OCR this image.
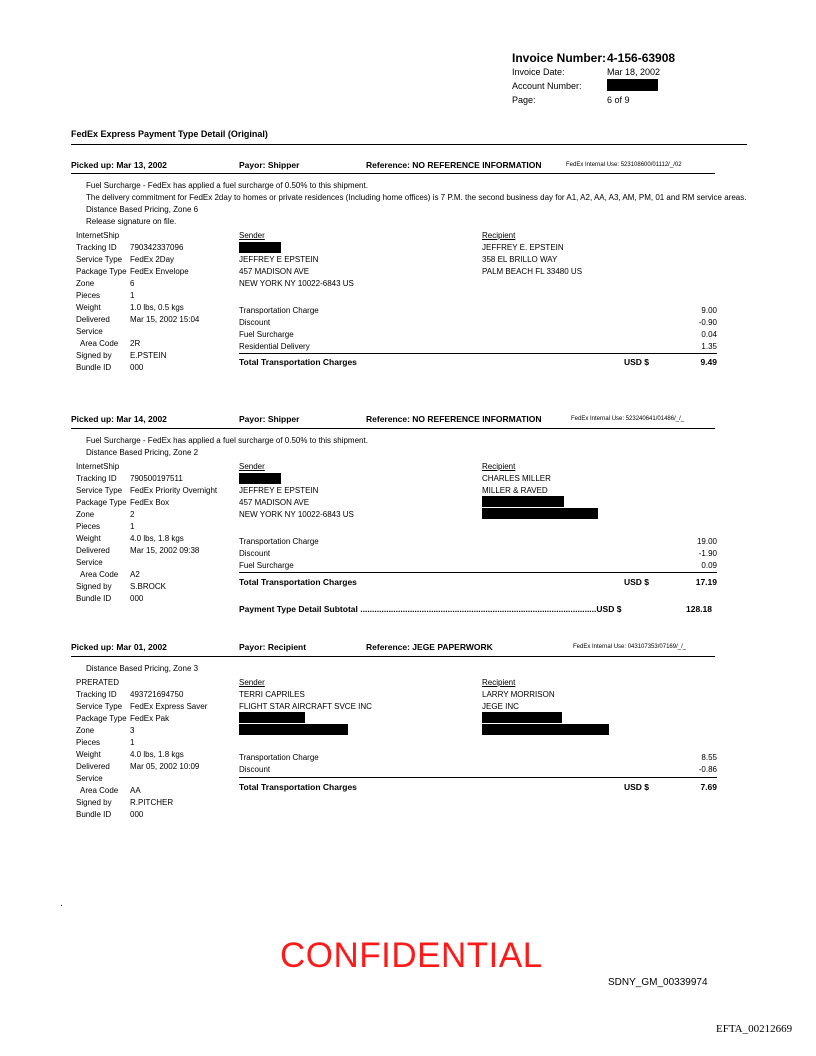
Invoice Number: 4-156-63908
Invoice Date:	Mar 18, 2002
Account Number:
Page:	6 of 9
FedEx Express Payment Type Detail (Original)
Picked up: Mar 13, 2002	Payor: Shipper	Reference: NO REFERENCE INFORMATION	FedEx Internal Use: 523108600/01112/_/02
Fuel Surcharge - FedEx has applied a fuel surcharge of 0.50% to this shipment.
The delivery commitment for FedEx 2day to homes or private residences (Including home offices) is 7 P.M. the second business day for A1, A2, AA, A3, AM, PM, 01 and RM service areas.
Distance Based Pricing, Zone 6
Release signature on file.
InternetShip
Tracking ID 790342337096
Service Type FedEx 2Day
Package Type FedEx Envelope
Zone	6
Pieces	1
Weight	1.0 lbs, 0.5 kgs
Delivered	Mar 15, 2002 15:04
Service
Area Code 2R
Signed by E.PSTEIN
Bundle ID 000
Sender
JEFFREY E EPSTEIN
457 MADISON AVE
NEW YORK NY 10022-6843 US
Recipient
JEFFREY E. EPSTEIN
358 EL BRILLO WAY
PALM BEACH FL 33480 US
Transportation Charge	9.00
Discount	-0.90
Fuel Surcharge	0.04
Residential Delivery	1.35
Total Transportation Charges	USD $	9.49
Picked up: Mar 14, 2002	Payor: Shipper	Reference: NO REFERENCE INFORMATION	FedEx Internal Use: 523240641/01486/_/_
Fuel Surcharge - FedEx has applied a fuel surcharge of 0.50% to this shipment.
Distance Based Pricing, Zone 2
InternetShip
Tracking ID 790500197511
Service Type FedEx Priority Overnight
Package Type FedEx Box
Zone	2
Pieces	1
Weight	4.0 lbs, 1.8 kgs
Delivered	Mar 15, 2002 09:38
Service
Area Code A2
Signed by S.BROCK
Bundle ID 000
Sender
JEFFREY E EPSTEIN
457 MADISON AVE
NEW YORK NY 10022-6843 US
Recipient
CHARLES MILLER
MILLER & RAVED
Transportation Charge	19.00
Discount	-1.90
Fuel Surcharge	0.09
Total Transportation Charges	USD $	17.19
Payment Type Detail Subtotal ....................................................................................................USD $	128.18
Picked up: Mar 01, 2002	Payor: Recipient	Reference: JEGE PAPERWORK	FedEx Internal Use: 043107353/07169/_/_
Distance Based Pricing, Zone 3
PRERATED
Tracking ID 493721694750
Service Type FedEx Express Saver
Package Type FedEx Pak
Zone	3
Pieces	1
Weight	4.0 lbs, 1.8 kgs
Delivered	Mar 05, 2002 10:09
Service
Area Code AA
Signed by R.PITCHER
Bundle ID 000
Sender
TERRI CAPRILES
FLIGHT STAR AIRCRAFT SVCE INC
Recipient
LARRY MORRISON
JEGE INC
Transportation Charge	8.55
Discount	-0.86
Total Transportation Charges	USD $	7.69
.
CONFIDENTIAL
SDNY_GM_00339974
EFTA_00212669
